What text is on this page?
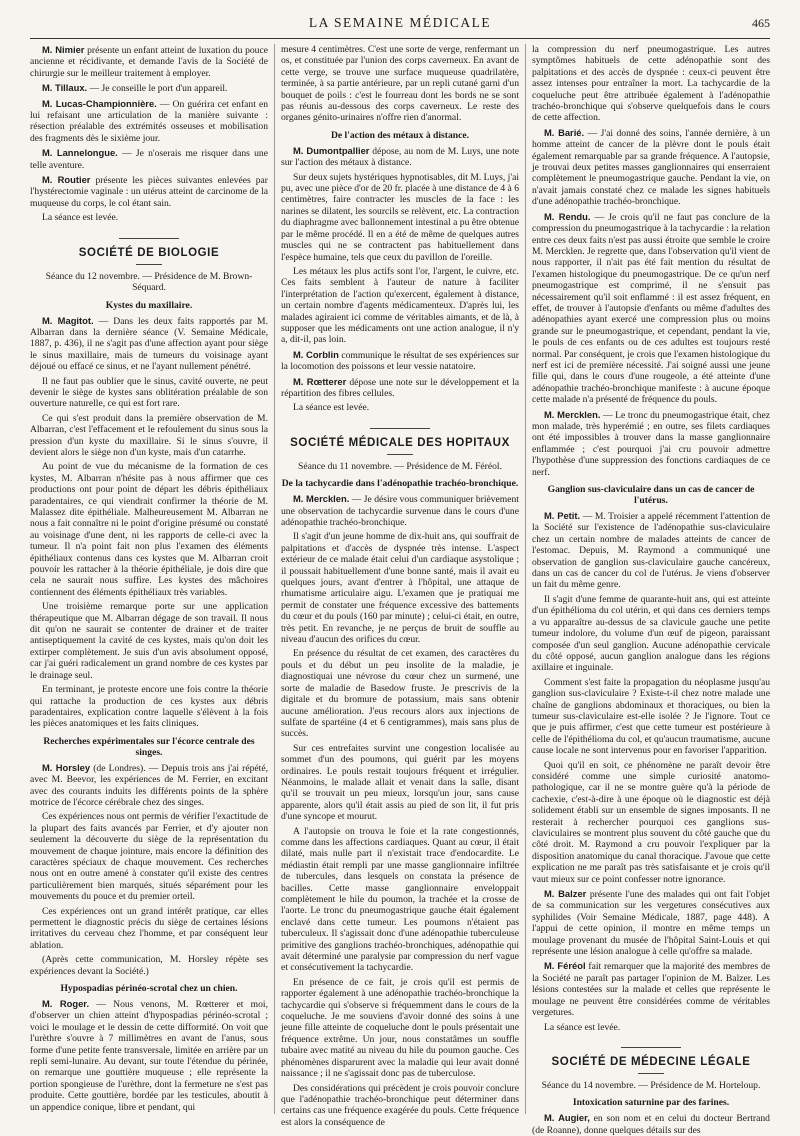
LA SEMAINE MÉDICALE	465

M. Nimier présente un enfant atteint de luxation du pouce ancienne et récidivante, et demande l'avis de la Société de chirurgie sur le meilleur traitement à employer.

M. Tillaux. — Je conseille le port d'un appareil.

M. Lucas-Championnière. — On guérira cet enfant en lui refaisant une articulation de la manière suivante : résection préalable des extrémités osseuses et mobilisation des fragments dès le sixième jour.

M. Lannelongue. — Je n'oserais me risquer dans une telle aventure.

M. Routier présente les pièces suivantes enlevées par l'hystérectomie vaginale : un utérus atteint de carcinome de la muqueuse du corps, le col étant sain.

La séance est levée.

SOCIÉTÉ DE BIOLOGIE
Séance du 12 novembre. — Présidence de M. Brown-Séquard.
Kystes du maxillaire.

M. Magitot. — Dans les deux faits rapportés par M. Albarran dans la dernière séance (V. Semaine Médicale, 1887, p. 436), il ne s'agit pas d'une affection ayant pour siège le sinus maxillaire, mais de tumeurs du voisinage ayant déjoué ou effacé ce sinus, et ne l'ayant nullement pénétré.

Il ne faut pas oublier que le sinus, cavité ouverte, ne peut devenir le siège de kystes sans oblitération préalable de son ouverture naturelle, ce qui est fort rare.

Ce qui s'est produit dans la première observation de M. Albarran, c'est l'effacement et le refoulement du sinus sous la pression d'un kyste du maxillaire. Si le sinus s'ouvre, il devient alors le siège non d'un kyste, mais d'un catarrhe.

Au point de vue du mécanisme de la formation de ces kystes, M. Albarran n'hésite pas à nous affirmer que ces productions ont pour point de départ les débris épithéliaux paradentaires, ce qui viendrait confirmer la théorie de M. Malassez dite épithéliale. Malheureusement M. Albarran ne nous a fait connaître ni le point d'origine présumé ou constaté au voisinage d'une dent, ni les rapports de celle-ci avec la tumeur. Il n'a point fait non plus l'examen des éléments épithéliaux contenus dans ces kystes que M. Albarran croit pouvoir les rattacher à la théorie épithéliale, je dois dire que cela ne saurait nous suffire. Les kystes des mâchoires contiennent des éléments épithéliaux très variables.

Une troisième remarque porte sur une application thérapeutique que M. Albarran dégage de son travail. Il nous dit qu'on ne saurait se contenter de drainer et de traiter antiseptiquement la cavité de ces kystes, mais qu'on doit les extirper complètement. Je suis d'un avis absolument opposé, car j'ai guéri radicalement un grand nombre de ces kystes par le drainage seul.

En terminant, je proteste encore une fois contre la théorie qui rattache la production de ces kystes aux débris paradentaires, explication contre laquelle s'élèvent à la fois les pièces anatomiques et les faits cliniques.

Recherches expérimentales sur l'écorce centrale des singes.

M. Horsley (de Londres). — Depuis trois ans j'ai répété, avec M. Beevor, les expériences de M. Ferrier, en excitant avec des courants induits les différents points de la sphère motrice de l'écorce cérébrale chez des singes.

Ces expériences nous ont permis de vérifier l'exactitude de la plupart des faits avancés par Ferrier, et d'y ajouter non seulement la découverte du siège de la représentation du mouvement de chaque jointure, mais encore la définition des caractères spéciaux de chaque mouvement. Ces recherches nous ont en outre amené à constater qu'il existe des centres particulièrement bien marqués, situés séparément pour les mouvements du pouce et du premier orteil.

Ces expériences ont un grand intérêt pratique, car elles permettent le diagnostic précis du siège de certaines lésions irritatives du cerveau chez l'homme, et par conséquent leur ablation.

(Après cette communication, M. Horsley répète ses expériences devant la Société.)

Hypospadias périnéo-scrotal chez un chien.

M. Roger. — Nous venons, M. Rœtterer et moi, d'observer un chien atteint d'hypospadias périnéo-scrotal ; voici le moulage et le dessin de cette difformité. On voit que l'urèthre s'ouvre à 7 millimètres en avant de l'anus, sous forme d'une petite fente transversale, limitée en arrière par un repli semi-lunaire. Au devant, sur toute l'étendue du périnée, on remarque une gouttière muqueuse ; elle représente la portion spongieuse de l'urèthre, dont la fermeture ne s'est pas produite. Cette gouttière, bordée par les testicules, aboutit à un appendice conique, libre et pendant, qui

mesure 4 centimètres. C'est une sorte de verge, renfermant un os, et constituée par l'union des corps caverneux. En avant de cette verge, se trouve une surface muqueuse quadrilatère, terminée, à sa partie antérieure, par un repli cutané garni d'un bouquet de poils : c'est le fourreau dont les bords ne se sont pas réunis au-dessous des corps caverneux. Le reste des organes génito-urinaires n'offre rien d'anormal.

De l'action des métaux à distance.

M. Dumontpallier dépose, au nom de M. Luys, une note sur l'action des métaux à distance.

Sur deux sujets hystériques hypnotisables, dit M. Luys, j'ai pu, avec une pièce d'or de 20 fr. placée à une distance de 4 à 6 centimètres, faire contracter les muscles de la face : les narines se dilatent, les sourcils se relèvent, etc. La contraction du diaphragme avec ballonnement intestinal a pu être obtenue par le même procédé. Il en a été de même de quelques autres muscles qui ne se contractent pas habituellement dans l'espèce humaine, tels que ceux du pavillon de l'oreille.

Les métaux les plus actifs sont l'or, l'argent, le cuivre, etc. Ces faits semblent à l'auteur de nature à faciliter l'interprétation de l'action qu'exercent, également à distance, un certain nombre d'agents médicamenteux. D'après lui, les malades agiraient ici comme de véritables aimants, et de là, à supposer que les médicaments ont une action analogue, il n'y a, dit-il, pas loin.

M. Corblin communique le résultat de ses expériences sur la locomotion des poissons et leur vessie natatoire.

M. Rœtterer dépose une note sur le développement et la répartition des fibres cellules.

La séance est levée.

SOCIÉTÉ MÉDICALE DES HOPITAUX
Séance du 11 novembre. — Présidence de M. Féréol.
De la tachycardie dans l'adénopathie trachéo-bronchique.

M. Mercklen. — Je désire vous communiquer brièvement une observation de tachycardie survenue dans le cours d'une adénopathie trachéo-bronchique.

Il s'agit d'un jeune homme de dix-huit ans, qui souffrait de palpitations et d'accès de dyspnée très intense. L'aspect extérieur de ce malade était celui d'un cardiaque asystolique ; il poussait habituellement d'une bonne santé, mais il avait eu quelques jours, avant d'entrer à l'hôpital, une attaque de rhumatisme articulaire aigu. L'examen que je pratiquai me permit de constater une fréquence excessive des battements du cœur et du pouls (160 par minute) ; celui-ci était, en outre, très petit. En revanche, je ne perçus de bruit de souffle au niveau d'aucun des orifices du cœur.

En présence du résultat de cet examen, des caractères du pouls et du début un peu insolite de la maladie, je diagnostiquai une névrose du cœur chez un surmené, une sorte de maladie de Basedow fruste. Je prescrivis de la digitale et du bromure de potassium, mais sans obtenir aucune amélioration. J'eus recours alors aux injections de sulfate de spartéine (4 et 6 centigrammes), mais sans plus de succès.

Sur ces entrefaites survint une congestion localisée au sommet d'un des poumons, qui guérit par les moyens ordinaires. Le pouls restait toujours fréquent et irrégulier. Néanmoins, le malade allait et venait dans la salle, disant qu'il se trouvait un peu mieux, lorsqu'un jour, sans cause apparente, alors qu'il était assis au pied de son lit, il fut pris d'une syncope et mourut.

A l'autopsie on trouva le foie et la rate congestionnés, comme dans les affections cardiaques. Quant au cœur, il était dilaté, mais nulle part il n'existait trace d'endocardite. Le médiastin était rempli par une masse ganglionnaire infiltrée de tubercules, dans lesquels on constata la présence de bacilles. Cette masse ganglionnaire enveloppait complètement le hile du poumon, la trachée et la crosse de l'aorte. Le tronc du pneumogastrique gauche était également enclavé dans cette tumeur. Les poumons n'étaient pas tuberculeux. Il s'agissait donc d'une adénopathie tuberculeuse primitive des ganglions trachéo-bronchiques, adénopathie qui avait déterminé une paralysie par compression du nerf vague et consécutivement la tachycardie.

En présence de ce fait, je crois qu'il est permis de rapporter également à une adénopathie trachéo-bronchique la tachycardie qui s'observe si fréquemment dans le cours de la coqueluche. Je me souviens d'avoir donné des soins à une jeune fille atteinte de coqueluche dont le pouls présentait une fréquence extrême. Un jour, nous constatâmes un souffle tubaire avec matité au niveau du hile du poumon gauche. Ces phénomènes disparurent avec la maladie qui leur avait donné naissance ; il ne s'agissait donc pas de tuberculose.

Des considérations qui précèdent je crois pouvoir conclure que l'adénopathie trachéo-bronchique peut déterminer dans certains cas une fréquence exagérée du pouls. Cette fréquence est alors la conséquence de

la compression du nerf pneumogastrique. Les autres symptômes habituels de cette adénopathie sont des palpitations et des accès de dyspnée : ceux-ci peuvent être assez intenses pour entraîner la mort. La tachycardie de la coqueluche peut être attribuée également à l'adénopathie trachéo-bronchique qui s'observe quelquefois dans le cours de cette affection.

M. Barié. — J'ai donné des soins, l'année dernière, à un homme atteint de cancer de la plèvre dont le pouls était également remarquable par sa grande fréquence. A l'autopsie, je trouvai deux petites masses ganglionnaires qui enserraient complètement le pneumogastrique gauche. Pendant la vie, on n'avait jamais constaté chez ce malade les signes habituels d'une adénopathie trachéo-bronchique.

M. Rendu. — Je crois qu'il ne faut pas conclure de la compression du pneumogastrique à la tachycardie : la relation entre ces deux faits n'est pas aussi étroite que semble le croire M. Mercklen. Je regrette que, dans l'observation qu'il vient de nous rapporter, il n'ait pas été fait mention du résultat de l'examen histologique du pneumogastrique. De ce qu'un nerf pneumogastrique est comprimé, il ne s'ensuit pas nécessairement qu'il soit enflammé : il est assez fréquent, en effet, de trouver à l'autopsie d'enfants ou même d'adultes des adénopathies ayant exercé une compression plus ou moins grande sur le pneumogastrique, et cependant, pendant la vie, le pouls de ces enfants ou de ces adultes est toujours resté normal. Par conséquent, je crois que l'examen histologique du nerf est ici de première nécessité. J'ai soigné aussi une jeune fille qui, dans le cours d'une rougeole, a été atteinte d'une adénopathie trachéo-bronchique manifeste : à aucune époque cette malade n'a présenté de fréquence du pouls.

M. Mercklen. — Le tronc du pneumogastrique était, chez mon malade, très hyperémié ; en outre, ses filets cardiaques ont été impossibles à trouver dans la masse ganglionnaire enflammée ; c'est pourquoi j'ai cru pouvoir admettre l'hypothèse d'une suppression des fonctions cardiaques de ce nerf.

Ganglion sus-claviculaire dans un cas de cancer de l'utérus.

M. Petit. — M. Troisier a appelé récemment l'attention de la Société sur l'existence de l'adénopathie sus-claviculaire chez un certain nombre de malades atteints de cancer de l'estomac. Depuis, M. Raymond a communiqué une observation de ganglion sus-claviculaire gauche cancéreux, dans un cas de cancer du col de l'utérus. Je viens d'observer un fait du même genre.

Il s'agit d'une femme de quarante-huit ans, qui est atteinte d'un épithélioma du col utérin, et qui dans ces derniers temps a vu apparaître au-dessus de sa clavicule gauche une petite tumeur indolore, du volume d'un œuf de pigeon, paraissant composée d'un seul ganglion. Aucune adénopathie cervicale du côté opposé, aucun ganglion analogue dans les régions axillaire et inguinale.

Comment s'est faite la propagation du néoplasme jusqu'au ganglion sus-claviculaire ? Existe-t-il chez notre malade une chaîne de ganglions abdominaux et thoraciques, ou bien la tumeur sus-claviculaire est-elle isolée ? Je l'ignore. Tout ce que je puis affirmer, c'est que cette tumeur est postérieure à celle de l'épithélioma du col, et qu'aucun traumatisme, aucune cause locale ne sont intervenus pour en favoriser l'apparition.

Quoi qu'il en soit, ce phénomène ne paraît devoir être considéré comme une simple curiosité anatomo-pathologique, car il ne se montre guère qu'à la période de cachexie, c'est-à-dire à une époque où le diagnostic est déjà solidement établi sur un ensemble de signes imposants. Il ne resterait à rechercher pourquoi ces ganglions sus-claviculaires se montrent plus souvent du côté gauche que du côté droit. M. Raymond a cru pouvoir l'expliquer par la disposition anatomique du canal thoracique. J'avoue que cette explication ne me paraît pas très satisfaisante et je crois qu'il vaut mieux sur ce point confesser notre ignorance.

M. Balzer présente l'une des malades qui ont fait l'objet de sa communication sur les vergetures consécutives aux syphilides (Voir Semaine Médicale, 1887, page 448). A l'appui de cette opinion, il montre en même temps un moulage provenant du musée de l'hôpital Saint-Louis et qui représente une lésion analogue à celle qu'offre sa malade.

M. Féréol fait remarquer que la majorité des membres de la Société ne paraît pas partager l'opinion de M. Balzer. Les lésions contestées sur la malade et celles que représente le moulage ne peuvent être considérées comme de véritables vergetures.

La séance est levée.

SOCIÉTÉ DE MÉDECINE LÉGALE
Séance du 14 novembre. — Présidence de M. Horteloup.
Intoxication saturnine par des farines.

M. Augier, en son nom et en celui du docteur Bertrand (de Roanne), donne quelques détails sur des
